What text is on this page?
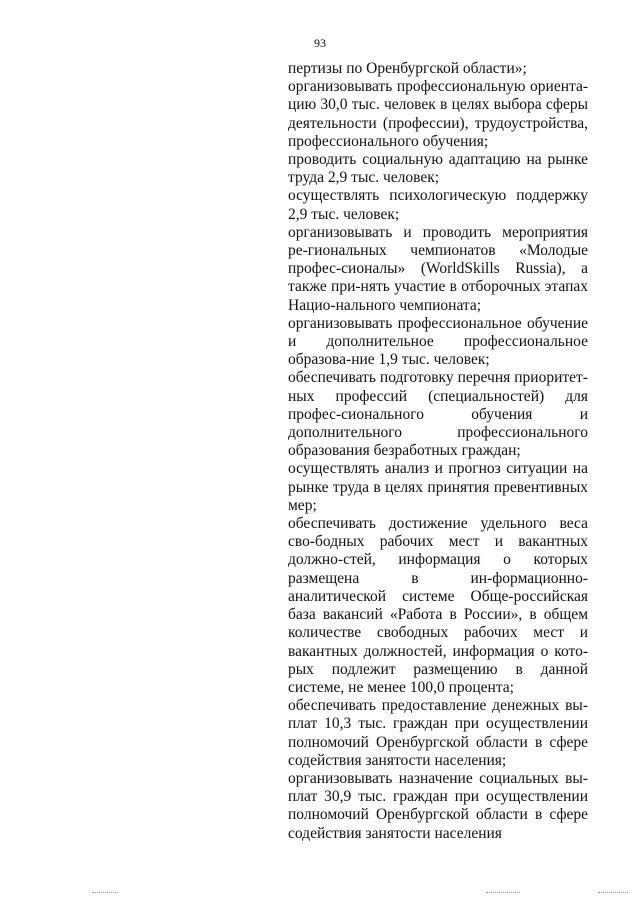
93

пертизы по Оренбургской области»;

организовывать профессиональную ориента-цию 30,0 тыс. человек в целях выбора сферы деятельности (профессии), трудоустройства, профессионального обучения;

проводить социальную адаптацию на рынке труда 2,9 тыс. человек;

осуществлять психологическую поддержку 2,9 тыс. человек;

организовывать и проводить мероприятия ре-гиональных чемпионатов «Молодые профес-сионалы» (WorldSkills Russia), а также при-нять участие в отборочных этапах Нацио-нального чемпионата;

организовывать профессиональное обучение и дополнительное профессиональное образова-ние 1,9 тыс. человек;

обеспечивать подготовку перечня приоритет-ных профессий (специальностей) для профес-сионального обучения и дополнительного профессионального образования безработных граждан;

осуществлять анализ и прогноз ситуации на рынке труда в целях принятия превентивных мер;

обеспечивать достижение удельного веса сво-бодных рабочих мест и вакантных должно-стей, информация о которых размещена в ин-формационно-аналитической системе Обще-российская база вакансий «Работа в России», в общем количестве свободных рабочих мест и вакантных должностей, информация о кото-рых подлежит размещению в данной системе, не менее 100,0 процента;

обеспечивать предоставление денежных вы-плат 10,3 тыс. граждан при осуществлении полномочий Оренбургской области в сфере содействия занятости населения;

организовывать назначение социальных вы-плат 30,9 тыс. граждан при осуществлении полномочий Оренбургской области в сфере содействия занятости населения
